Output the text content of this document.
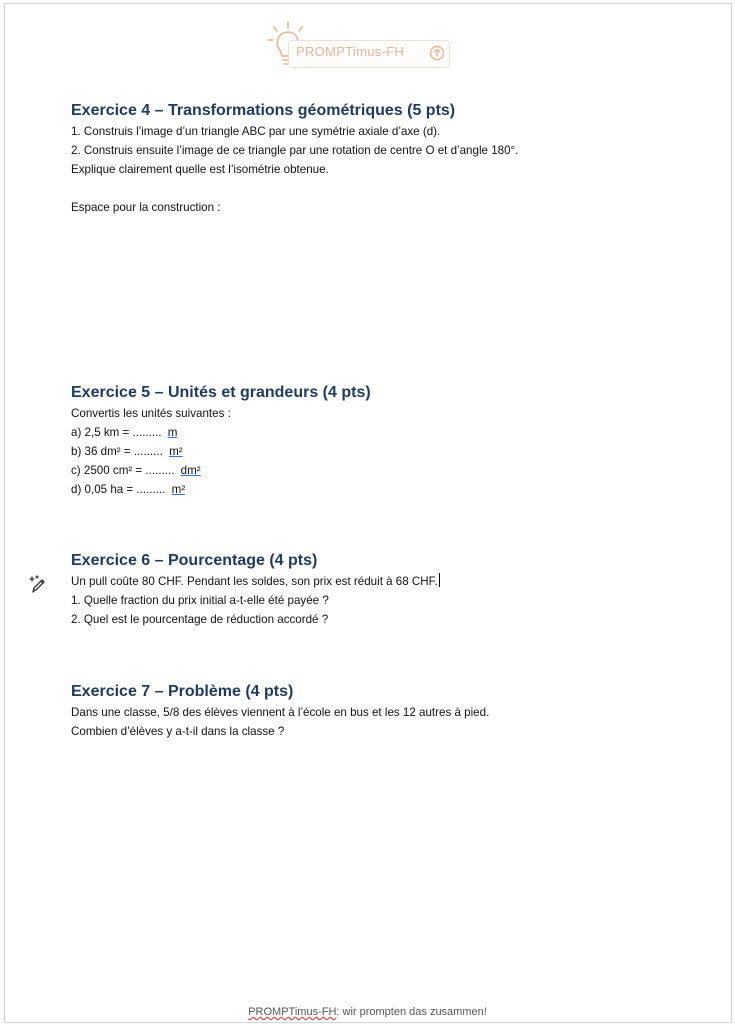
PROMPTimus-FH
Exercice 4 – Transformations géométriques (5 pts)
1. Construis l’image d’un triangle ABC par une symétrie axiale d’axe (d).
2. Construis ensuite l’image de ce triangle par une rotation de centre O et d’angle 180°.
Explique clairement quelle est l’isométrie obtenue.
Espace pour la construction :
Exercice 5 – Unités et grandeurs (4 pts)
Convertis les unités suivantes :
a) 2,5 km = ......... m
b) 36 dm² = ......... m²
c) 2500 cm² = ......... dm²
d) 0,05 ha = ......... m²
Exercice 6 – Pourcentage (4 pts)
Un pull coûte 80 CHF. Pendant les soldes, son prix est réduit à 68 CHF.
1. Quelle fraction du prix initial a-t-elle été payée ?
2. Quel est le pourcentage de réduction accordé ?
Exercice 7 – Problème (4 pts)
Dans une classe, 5/8 des élèves viennent à l’école en bus et les 12 autres à pied.
Combien d’élèves y a-t-il dans la classe ?
PROMPTimus-FH: wir prompten das zusammen!
